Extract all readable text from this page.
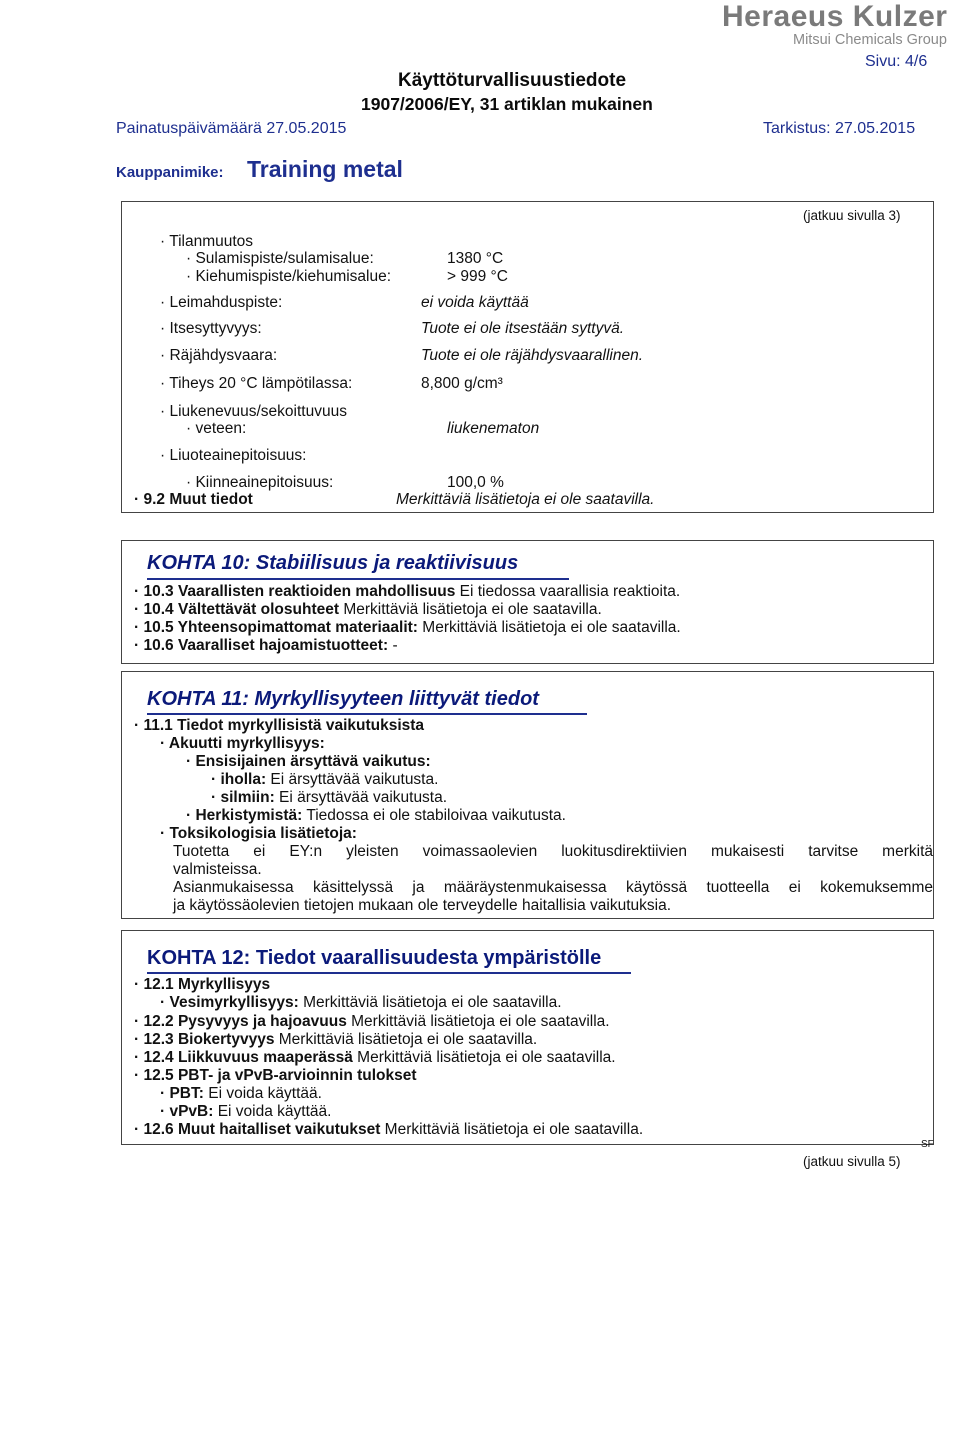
Heraeus Kulzer
Mitsui Chemicals Group
Käyttöturvallisuustiedote
1907/2006/EY, 31 artiklan mukainen
Sivu: 4/6
Painatuspäivämäärä 27.05.2015	Tarkistus: 27.05.2015
Kauppanimike: Training metal
(jatkuu sivulla 3)
· Tilanmuutos
· Sulamispiste/sulamisalue:	1380 °C
· Kiehumispiste/kiehumisalue:	> 999 °C
· Leimahduspiste:	ei voida käyttää
· Itsesyttyvyys:	Tuote ei ole itsestään syttyvä.
· Räjähdysvaara:	Tuote ei ole räjähdysvaarallinen.
· Tiheys 20 °C lämpötilassa:	8,800 g/cm³
· Liukenevuus/sekoittuvuus
· veteen:	liukenematon
· Liuoteainepitoisuus:
· Kiinneainepitoisuus:	100,0 %
· 9.2 Muut tiedot	Merkittäviä lisätietoja ei ole saatavilla.
KOHTA 10: Stabiilisuus ja reaktiivisuus
· 10.3 Vaarallisten reaktioiden mahdollisuus Ei tiedossa vaarallisia reaktioita.
· 10.4 Vältettävät olosuhteet Merkittäviä lisätietoja ei ole saatavilla.
· 10.5 Yhteensopimattomat materiaalit: Merkittäviä lisätietoja ei ole saatavilla.
· 10.6 Vaaralliset hajoamistuotteet: -
KOHTA 11: Myrkyllisyyteen liittyvät tiedot
· 11.1 Tiedot myrkyllisistä vaikutuksista
· Akuutti myrkyllisyys:
· Ensisijainen ärsyttävä vaikutus:
· iholla: Ei ärsyttävää vaikutusta.
· silmiin: Ei ärsyttävää vaikutusta.
· Herkistymistä: Tiedossa ei ole stabiloivaa vaikutusta.
· Toksikologisia lisätietoja:
Tuotetta ei EY:n yleisten voimassaolevien luokitusdirektiivien mukaisesti tarvitse merkitä
valmisteissa.
Asianmukaisessa käsittelyssä ja määräystenmukaisessa käytössä tuotteella ei kokemuksemme
ja käytössäolevien tietojen mukaan ole terveydelle haitallisia vaikutuksia.
KOHTA 12: Tiedot vaarallisuudesta ympäristölle
· 12.1 Myrkyllisyys
· Vesimyrkyllisyys: Merkittäviä lisätietoja ei ole saatavilla.
· 12.2 Pysyvyys ja hajoavuus Merkittäviä lisätietoja ei ole saatavilla.
· 12.3 Biokertyvyys Merkittäviä lisätietoja ei ole saatavilla.
· 12.4 Liikkuvuus maaperässä Merkittäviä lisätietoja ei ole saatavilla.
· 12.5 PBT- ja vPvB-arvioinnin tulokset
· PBT: Ei voida käyttää.
· vPvB: Ei voida käyttää.
· 12.6 Muut haitalliset vaikutukset Merkittäviä lisätietoja ei ole saatavilla.
SF
(jatkuu sivulla 5)
